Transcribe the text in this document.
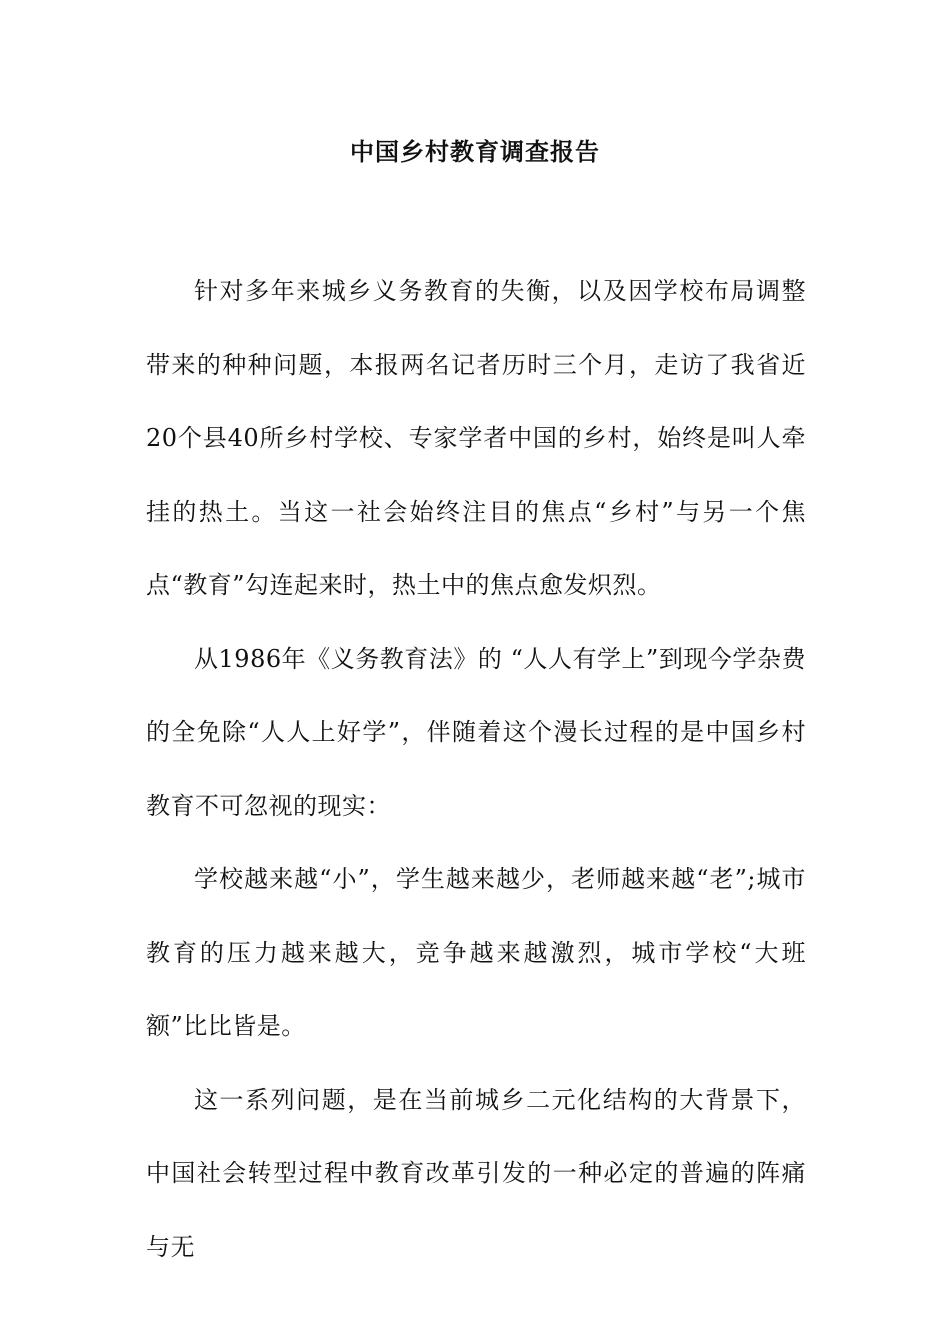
中国乡村教育调查报告

针对多年来城乡义务教育的失衡，以及因学校布局调整带来的种种问题，本报两名记者历时三个月，走访了我省近20个县40所乡村学校、专家学者中国的乡村，始终是叫人牵挂的热土。当这一社会始终注目的焦点“乡村”与另一个焦点“教育”勾连起来时，热土中的焦点愈发炽烈。

从1986年《义务教育法》的 “人人有学上”到现今学杂费的全免除“人人上好学”，伴随着这个漫长过程的是中国乡村教育不可忽视的现实：

学校越来越“小”，学生越来越少，老师越来越“老”;城市教育的压力越来越大，竞争越来越激烈，城市学校“大班额”比比皆是。

这一系列问题，是在当前城乡二元化结构的大背景下，中国社会转型过程中教育改革引发的一种必定的普遍的阵痛与无
